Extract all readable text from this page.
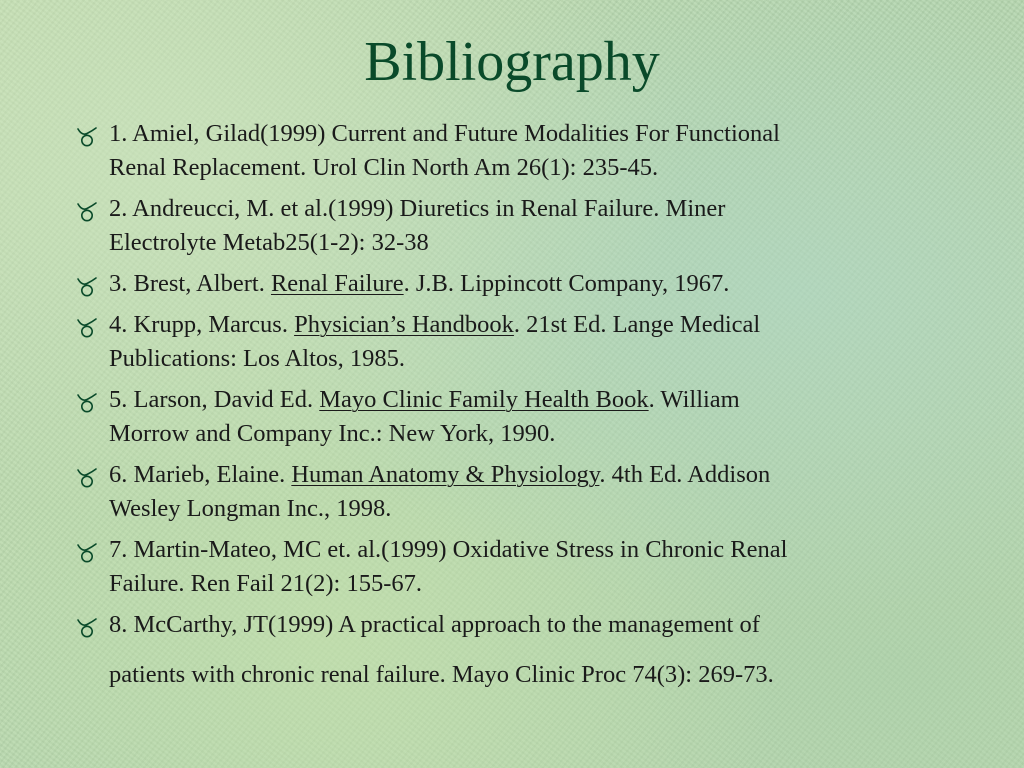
Bibliography
1. Amiel, Gilad(1999) Current and Future Modalities For Functional
Renal Replacement. Urol Clin North Am 26(1): 235-45.
2. Andreucci, M. et al.(1999) Diuretics in Renal Failure. Miner
Electrolyte Metab25(1-2): 32-38
3. Brest, Albert. Renal Failure. J.B. Lippincott Company, 1967.
4. Krupp, Marcus. Physician’s Handbook. 21st Ed. Lange Medical
Publications: Los Altos, 1985.
5. Larson, David Ed. Mayo Clinic Family Health Book. William
Morrow and Company Inc.: New York, 1990.
6. Marieb, Elaine. Human Anatomy & Physiology. 4th Ed. Addison
Wesley Longman Inc., 1998.
7. Martin-Mateo, MC et. al.(1999) Oxidative Stress in Chronic Renal
Failure. Ren Fail 21(2): 155-67.
8. McCarthy, JT(1999) A practical approach to the management of
patients with chronic renal failure. Mayo Clinic Proc 74(3): 269-73.
